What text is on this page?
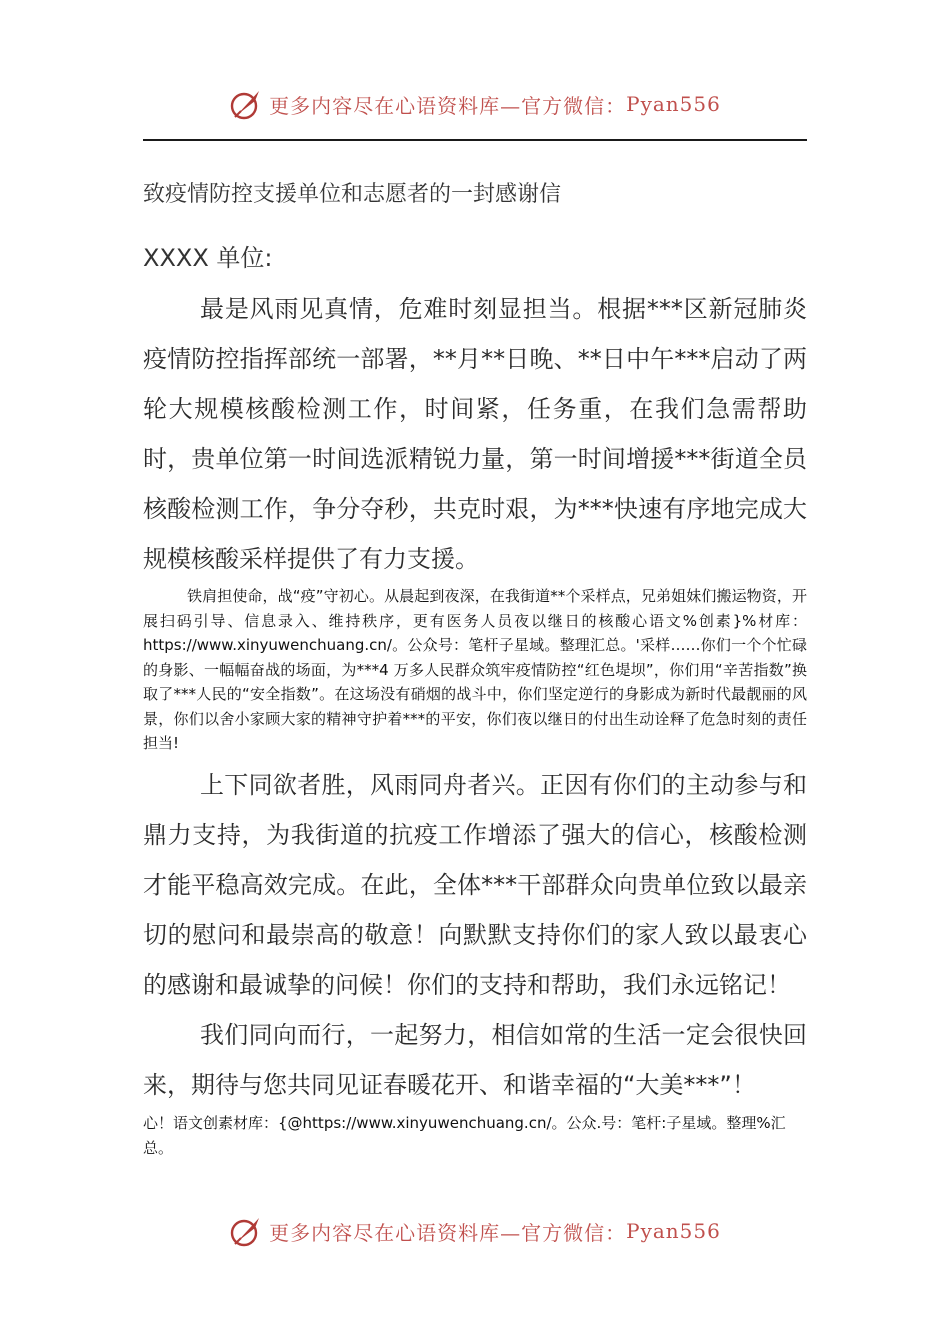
更多内容尽在心语资料库—官方微信： Pyan556
致疫情防控支援单位和志愿者的一封感谢信
XXXX 单位:

最是风雨见真情，危难时刻显担当。根据***区新冠肺炎疫情防控指挥部统一部署，**月**日晚、**日中午***启动了两轮大规模核酸检测工作，时间紧，任务重，在我们急需帮助时，贵单位第一时间选派精锐力量，第一时间增援***街道全员核酸检测工作，争分夺秒，共克时艰，为***快速有序地完成大规模核酸采样提供了有力支援。

铁肩担使命，战“疫”守初心。从晨起到夜深，在我街道**个采样点，兄弟姐妹们搬运物资，开展扫码引导、信息录入、维持秩序，更有医务人员夜以继日的核酸心语文%创素}%材库：https://www.xinyuwenchuang.cn/。公众号：笔杆子星域。整理汇总。'采样……你们一个个忙碌的身影、一幅幅奋战的场面，为***4 万多人民群众筑牢疫情防控“红色堤坝”，你们用“辛苦指数”换取了***人民的“安全指数”。在这场没有硝烟的战斗中，你们坚定逆行的身影成为新时代最靓丽的风景，你们以舍小家顾大家的精神守护着***的平安，你们夜以继日的付出生动诠释了危急时刻的责任担当!

上下同欲者胜，风雨同舟者兴。正因有你们的主动参与和鼎力支持，为我街道的抗疫工作增添了强大的信心，核酸检测才能平稳高效完成。在此，全体***干部群众向贵单位致以最亲切的慰问和最崇高的敬意！向默默支持你们的家人致以最衷心的感谢和最诚挚的问候！你们的支持和帮助，我们永远铭记！

我们同向而行，一起努力，相信如常的生活一定会很快回来，期待与您共同见证春暖花开、和谐幸福的“大美***”！

心！语文创素材库：{@https://www.xinyuwenchuang.cn/。公众.号：笔杆:子星域。整理%汇总。

更多内容尽在心语资料库—官方微信： Pyan556
